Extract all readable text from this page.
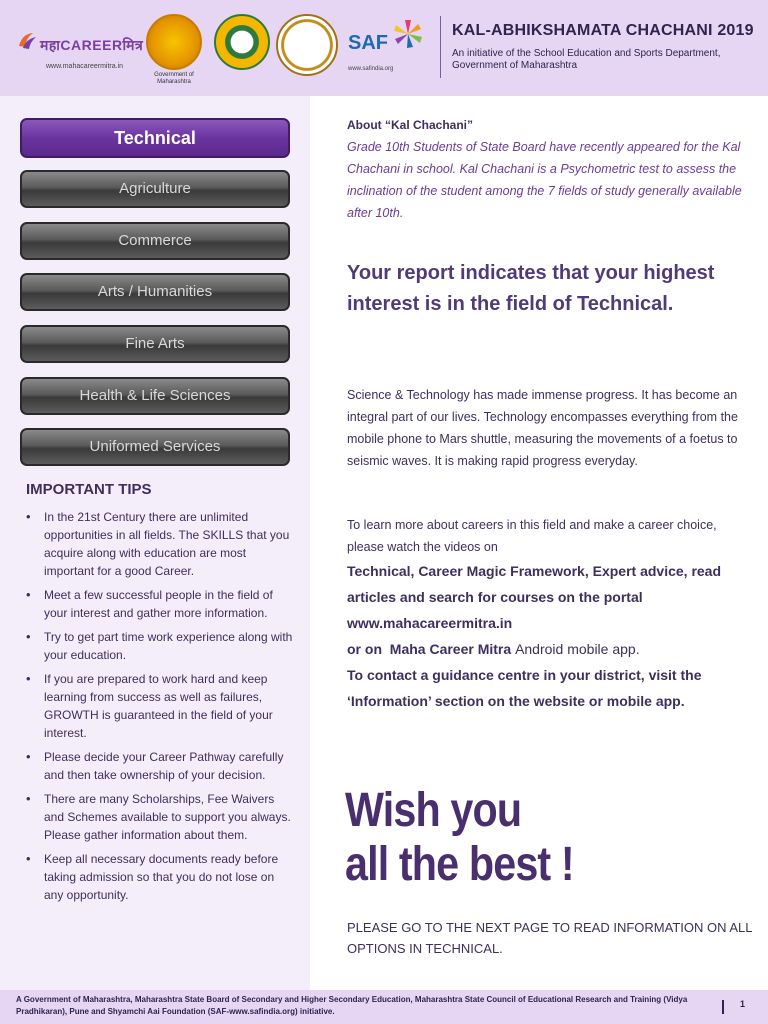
महाCAREERमित्र
www.mahacareermitra.in
Government of Maharashtra
SAF
www.safindia.org
KAL-ABHIKSHAMATA CHACHANI 2019
An initiative of the School Education and Sports Department, Government of Maharashtra
Technical
Agriculture
Commerce
Arts / Humanities
Fine Arts
Health & Life Sciences
Uniformed Services
IMPORTANT TIPS
• In the 21st Century there are unlimited opportunities in all fields. The SKILLS that you acquire along with education are most important for a good Career.
• Meet a few successful people in the field of your interest and gather more information.
• Try to get part time work experience along with your education.
• If you are prepared to work hard and keep learning from success as well as failures, GROWTH is guaranteed in the field of your interest.
• Please decide your Career Pathway carefully and then take ownership of your decision.
• There are many Scholarships, Fee Waivers and Schemes available to support you always. Please gather information about them.
• Keep all necessary documents ready before taking admission so that you do not lose on any opportunity.
About “Kal Chachani”
Grade 10th Students of State Board have recently appeared for the Kal Chachani in school. Kal Chachani is a Psychometric test to assess the inclination of the student among the 7 fields of study generally available after 10th.
Your report indicates that your highest interest is in the field of Technical.
Science & Technology has made immense progress. It has become an integral part of our lives. Technology encompasses everything from the mobile phone to Mars shuttle, measuring the movements of a foetus to seismic waves. It is making rapid progress everyday.
To learn more about careers in this field and make a career choice, please watch the videos on
Technical, Career Magic Framework, Expert advice, read articles and search for courses on the portal  www.mahacareermitra.in
or on Maha Career Mitra Android mobile app.
To contact a guidance centre in your district, visit the ‘Information’ section on the website or mobile app.
Wish you
all the best !
PLEASE GO TO THE NEXT PAGE TO READ INFORMATION ON ALL OPTIONS IN TECHNICAL.
A Government of Maharashtra, Maharashtra State Board of Secondary and Higher Secondary Education, Maharashtra State Council of Educational Research and Training (Vidya Pradhikaran), Pune and Shyamchi Aai Foundation (SAF-www.safindia.org) initiative.
1
